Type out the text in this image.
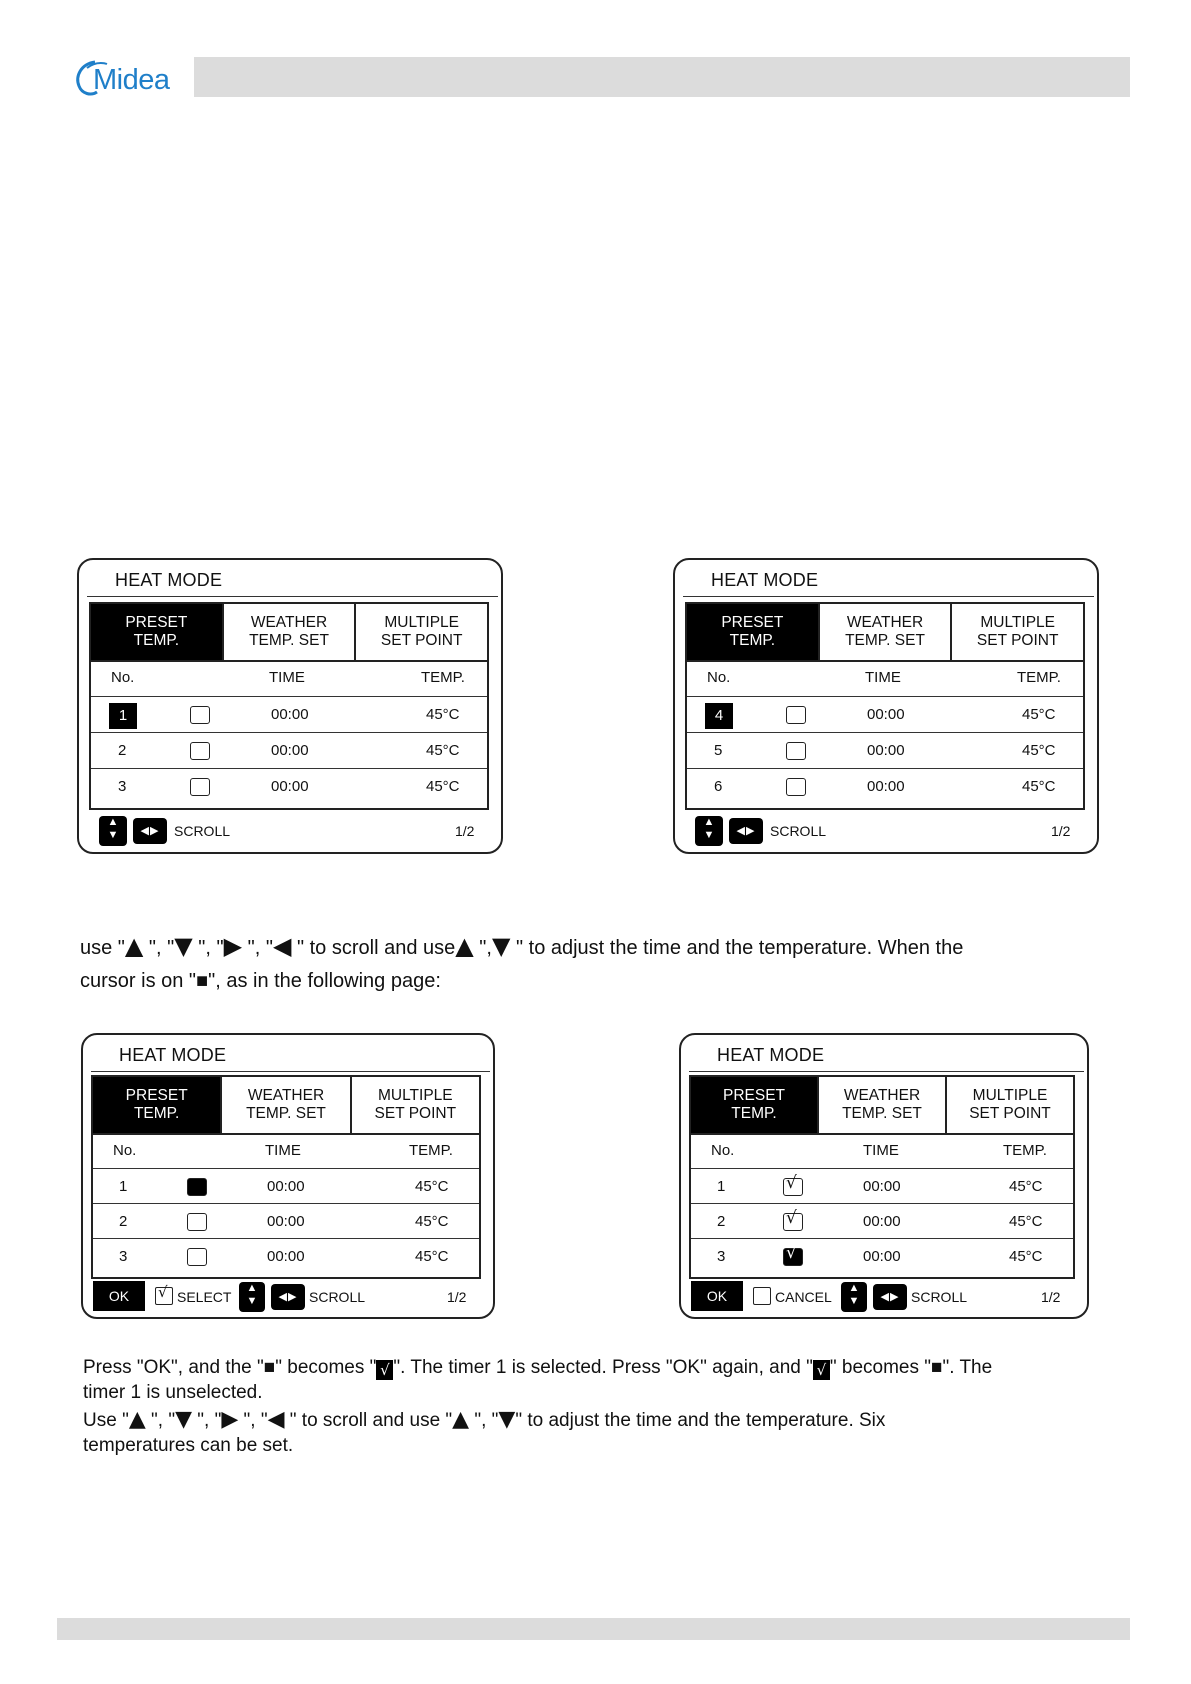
Midea
HEAT MODE
PRESET
TEMP.
WEATHER
TEMP. SET
MULTIPLE
SET POINT
No.	TIME	TEMP.
1	00:00	45°C
2	00:00	45°C
3	00:00	45°C
▲
▼	◀▶	SCROLL	1/2
HEAT MODE
PRESET
TEMP.
WEATHER
TEMP. SET
MULTIPLE
SET POINT
No.	TIME	TEMP.
4	00:00	45°C
5	00:00	45°C
6	00:00	45°C
▲
▼	◀▶	SCROLL	1/2
use "▲ ", "▼ ", "▶ ", "◀ " to scroll and use▲ ",▼ " to adjust the time and the temperature. When the
cursor is on "■", as in the following page:
HEAT MODE
PRESET
TEMP.
WEATHER
TEMP. SET
MULTIPLE
SET POINT
No.	TIME	TEMP.
1	00:00	45°C
2	00:00	45°C
3	00:00	45°C
OK	√ SELECT
▲
▼	◀▶ SCROLL	1/2
HEAT MODE
PRESET
TEMP.
WEATHER
TEMP. SET
MULTIPLE
SET POINT
No.	TIME	TEMP.
1	√	00:00	45°C
2	√	00:00	45°C
3	√	00:00	45°C
OK	CANCEL
▲
▼	◀▶ SCROLL	1/2
Press "OK", and the "■" becomes " √ ". The timer 1 is selected. Press "OK" again, and " √ " becomes "■". The
timer 1 is unselected.
Use "▲ ", "▼ ", "▶ ", "◀ " to scroll and use "▲ ", "▼" to adjust the time and the temperature. Six
temperatures can be set.
